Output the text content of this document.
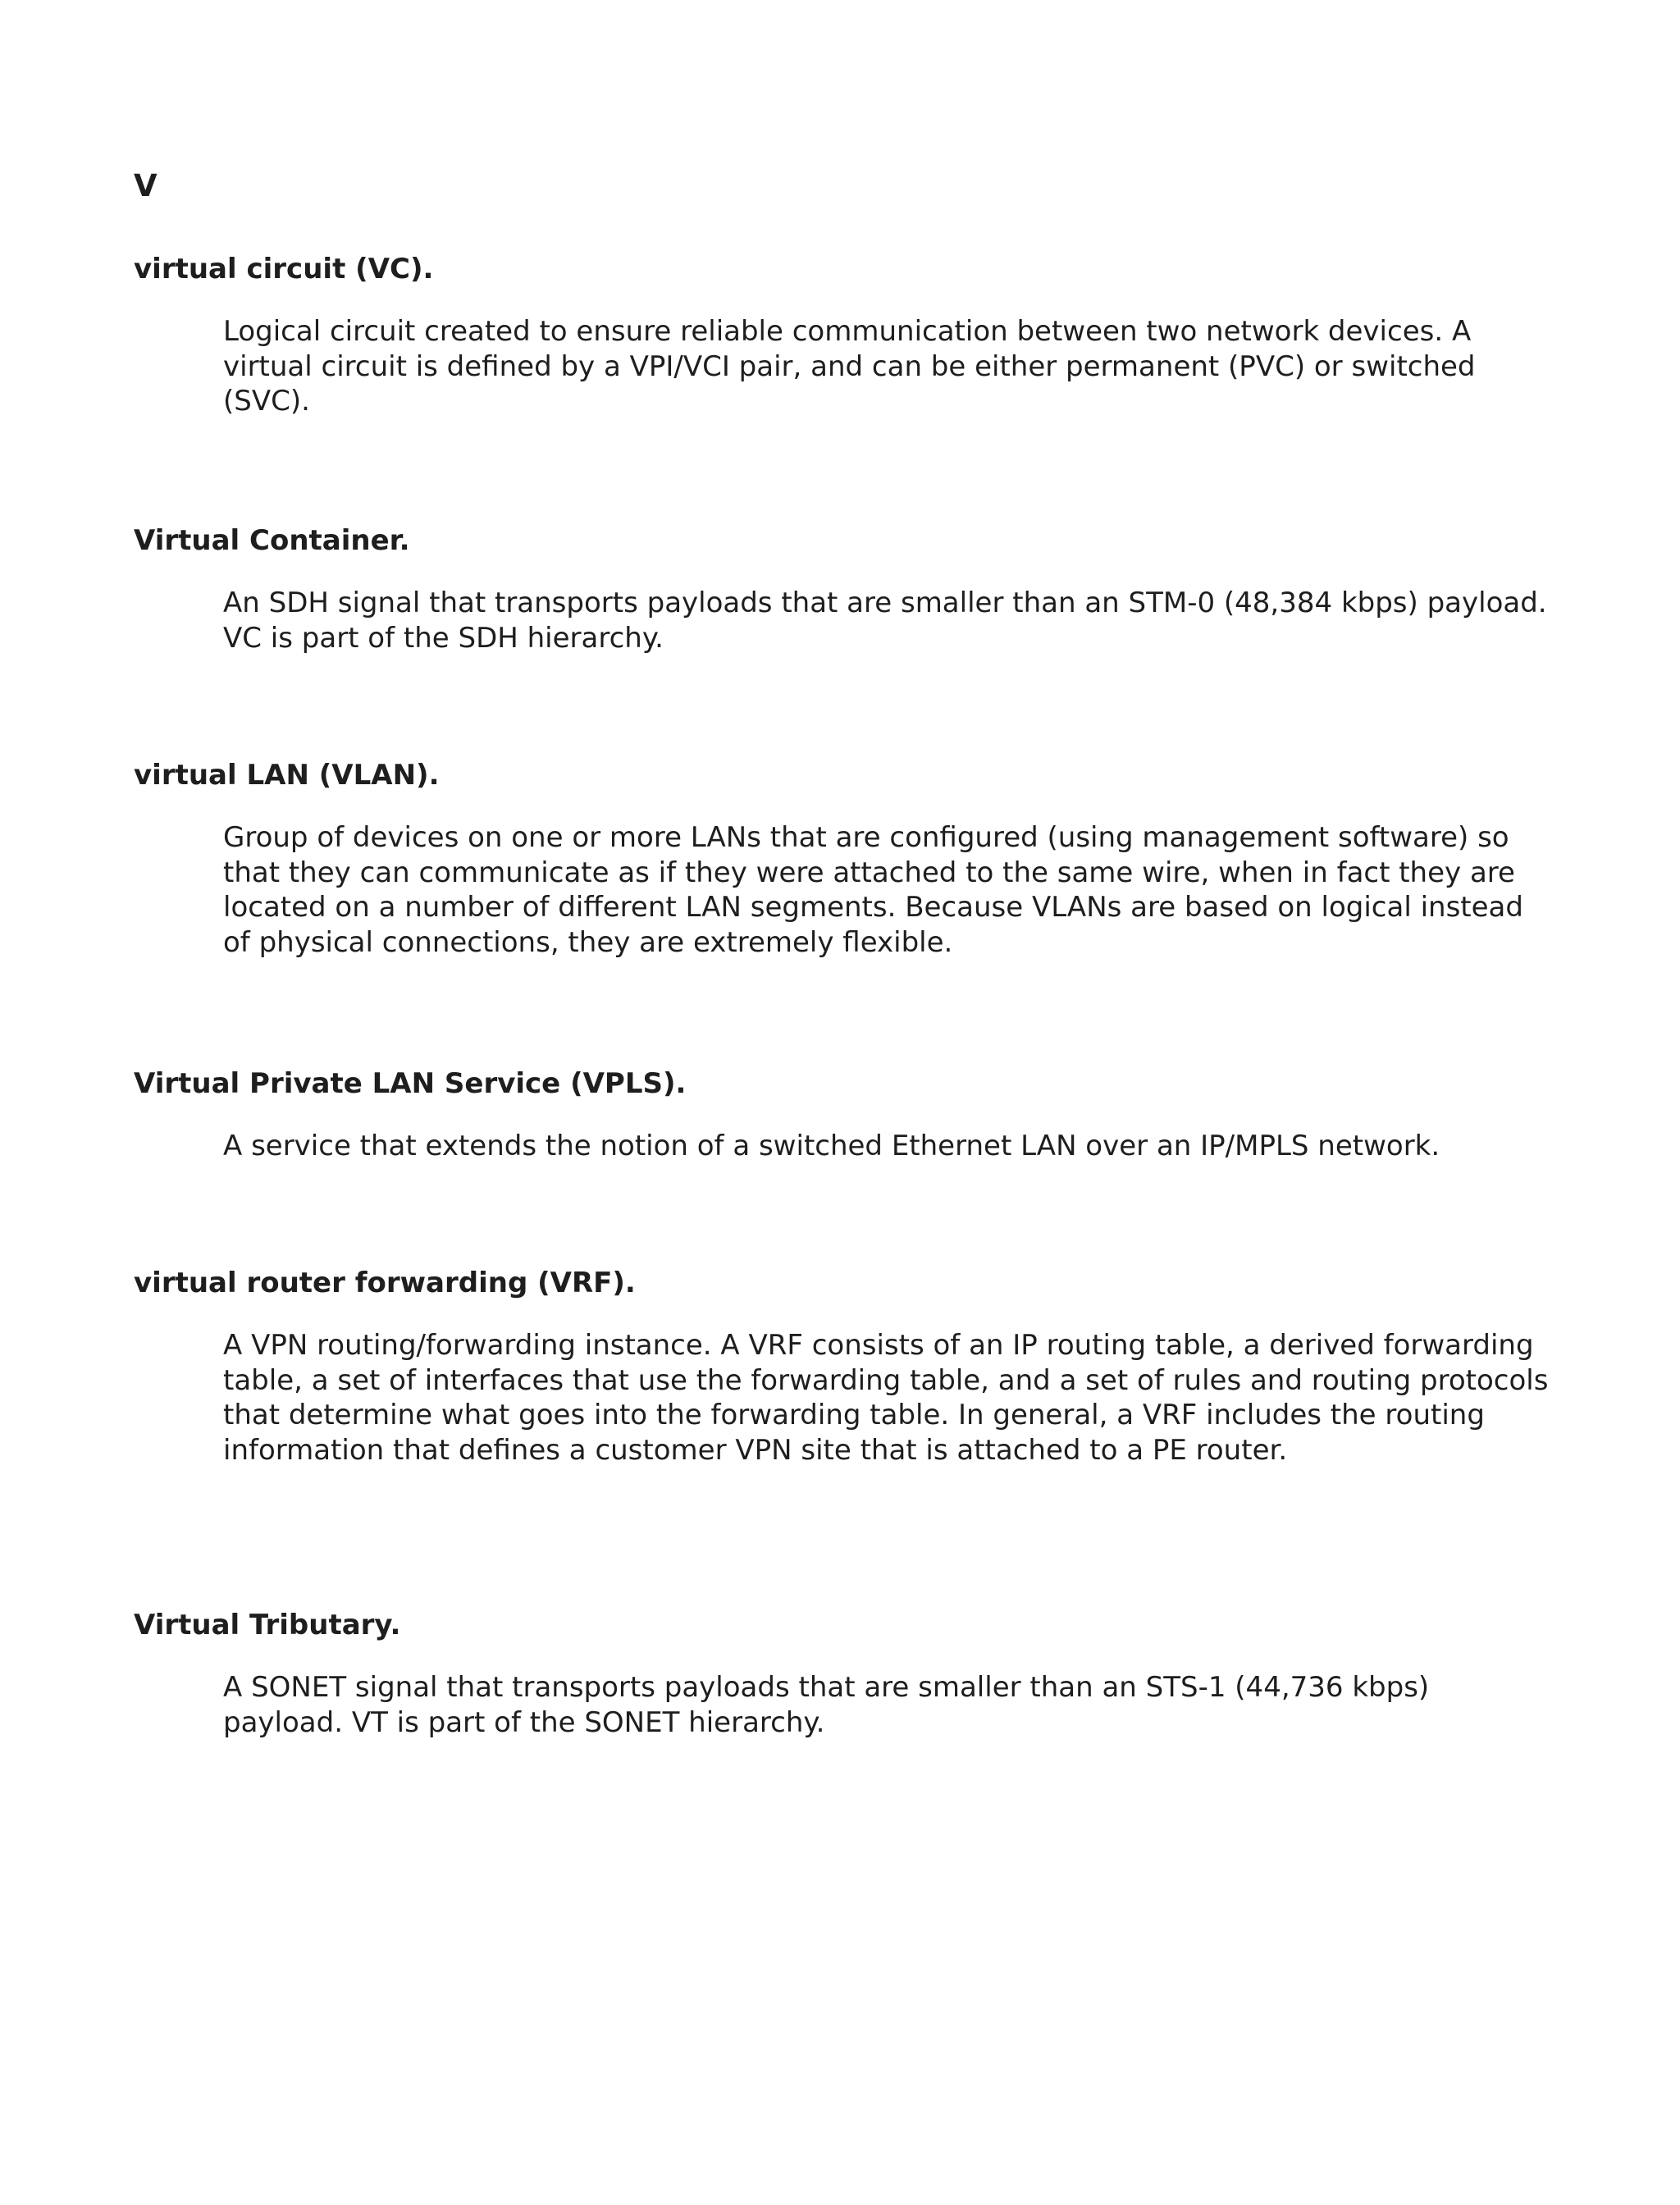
V

virtual circuit (VC).

Logical circuit created to ensure reliable communication between two network devices. A virtual circuit is defined by a VPI/VCI pair, and can be either permanent (PVC) or switched (SVC).

Virtual Container.

An SDH signal that transports payloads that are smaller than an STM-0 (48,384 kbps) payload. VC is part of the SDH hierarchy.

virtual LAN (VLAN).

Group of devices on one or more LANs that are configured (using management software) so that they can communicate as if they were attached to the same wire, when in fact they are located on a number of different LAN segments. Because VLANs are based on logical instead of physical connections, they are extremely flexible.

Virtual Private LAN Service (VPLS).

A service that extends the notion of a switched Ethernet LAN over an IP/MPLS network.

virtual router forwarding (VRF).

A VPN routing/forwarding instance. A VRF consists of an IP routing table, a derived forwarding table, a set of interfaces that use the forwarding table, and a set of rules and routing protocols that determine what goes into the forwarding table. In general, a VRF includes the routing information that defines a customer VPN site that is attached to a PE router.

Virtual Tributary.

A SONET signal that transports payloads that are smaller than an STS-1 (44,736 kbps) payload. VT is part of the SONET hierarchy.
